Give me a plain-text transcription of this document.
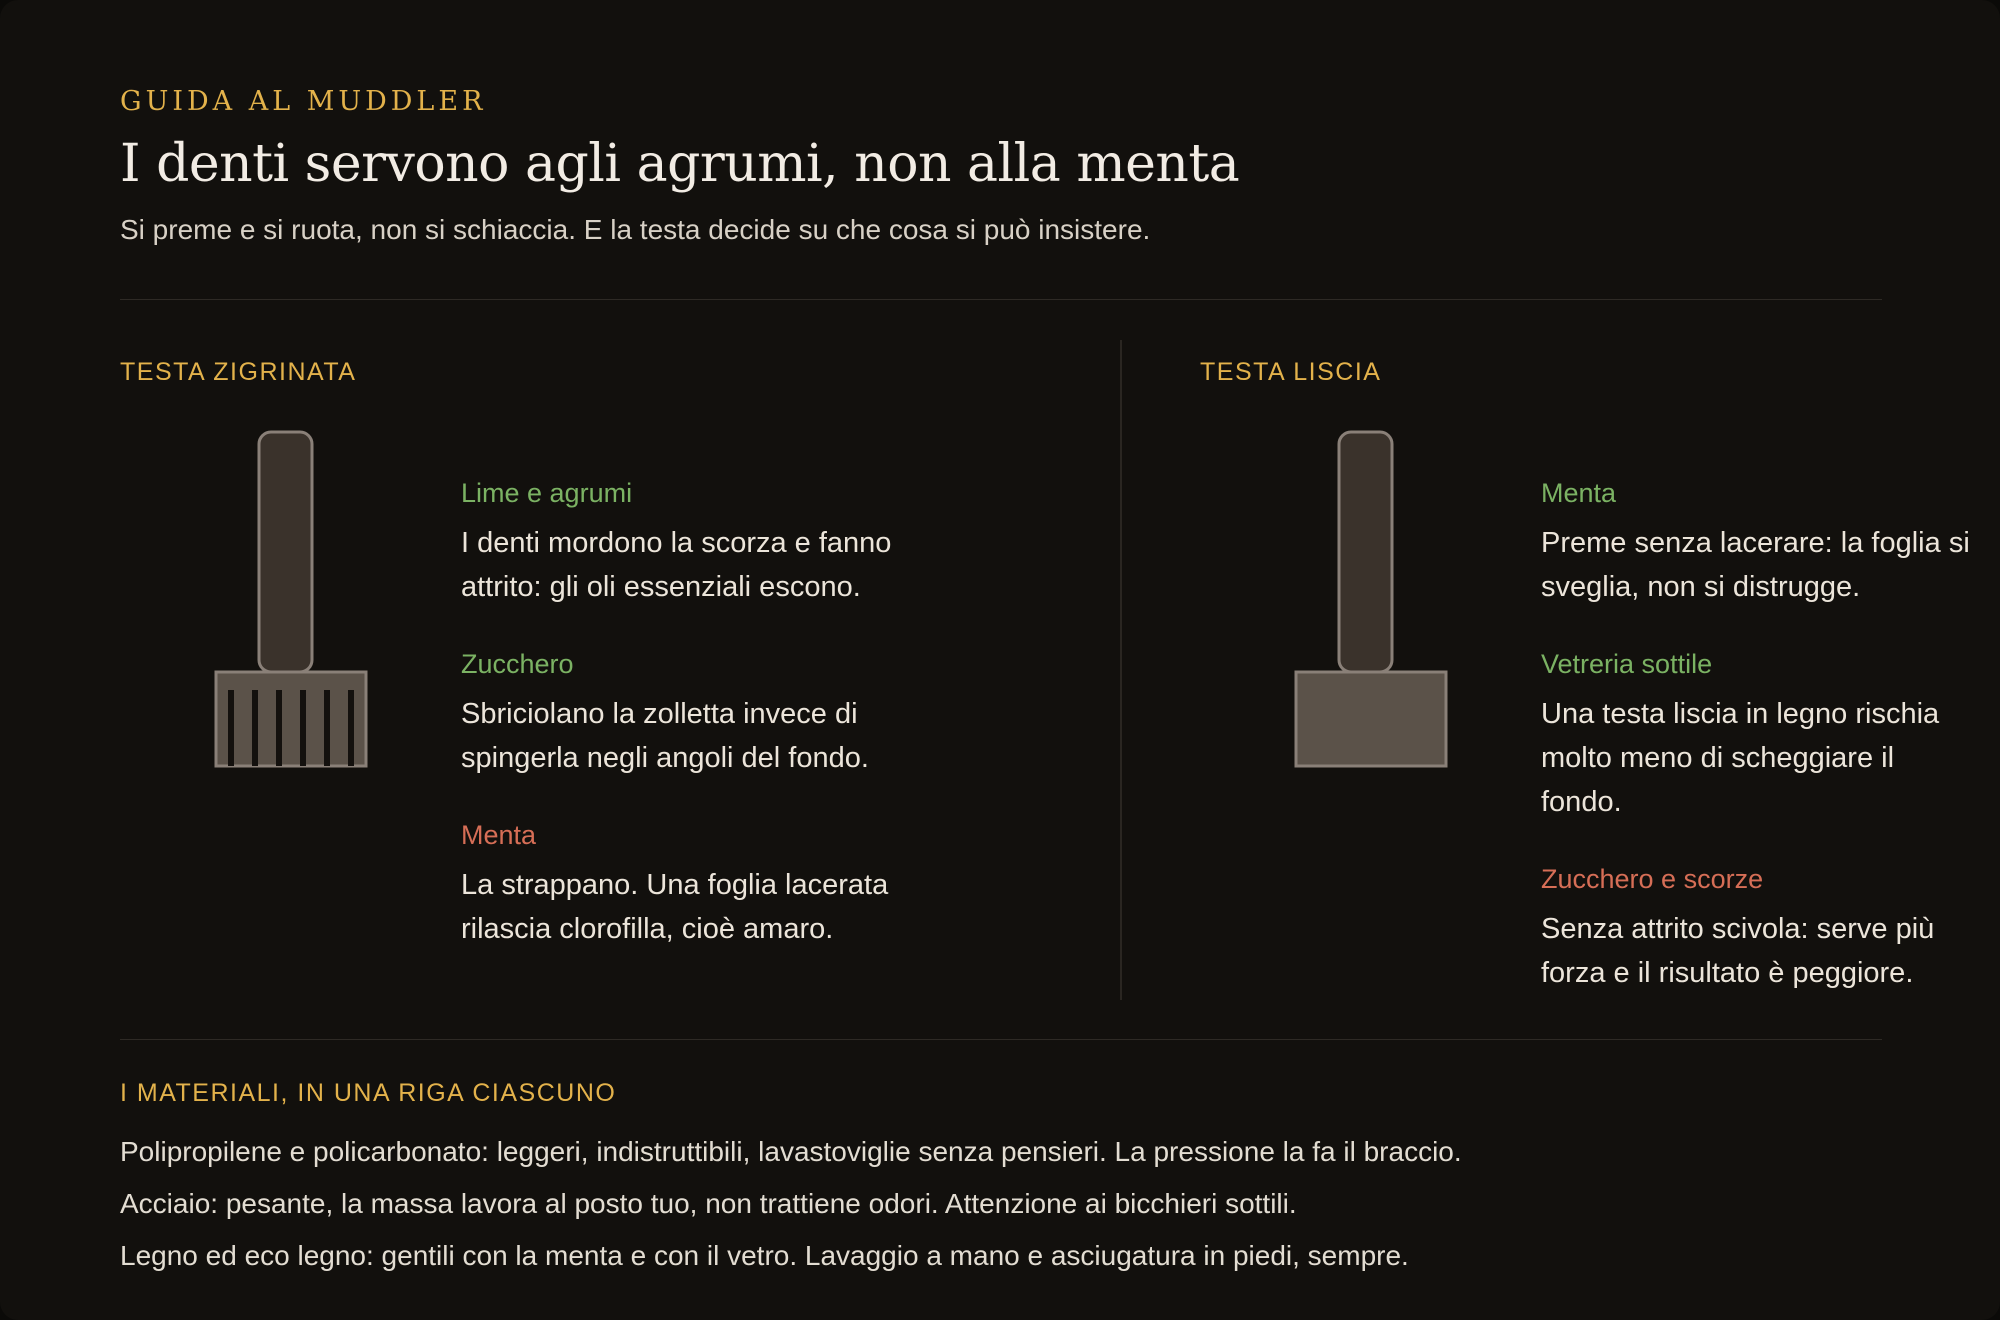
GUIDA AL MUDDLER
I denti servono agli agrumi, non alla menta
Si preme e si ruota, non si schiaccia. E la testa decide su che cosa si può insistere.
TESTA ZIGRINATA
Lime e agrumi
I denti mordono la scorza e fanno attrito: gli oli essenziali escono.
Zucchero
Sbriciolano la zolletta invece di spingerla negli angoli del fondo.
Menta
La strappano. Una foglia lacerata rilascia clorofilla, cioè amaro.
TESTA LISCIA
Menta
Preme senza lacerare: la foglia si sveglia, non si distrugge.
Vetreria sottile
Una testa liscia in legno rischia molto meno di scheggiare il fondo.
Zucchero e scorze
Senza attrito scivola: serve più forza e il risultato è peggiore.
I MATERIALI, IN UNA RIGA CIASCUNO
Polipropilene e policarbonato: leggeri, indistruttibili, lavastoviglie senza pensieri. La pressione la fa il braccio.
Acciaio: pesante, la massa lavora al posto tuo, non trattiene odori. Attenzione ai bicchieri sottili.
Legno ed eco legno: gentili con la menta e con il vetro. Lavaggio a mano e asciugatura in piedi, sempre.
